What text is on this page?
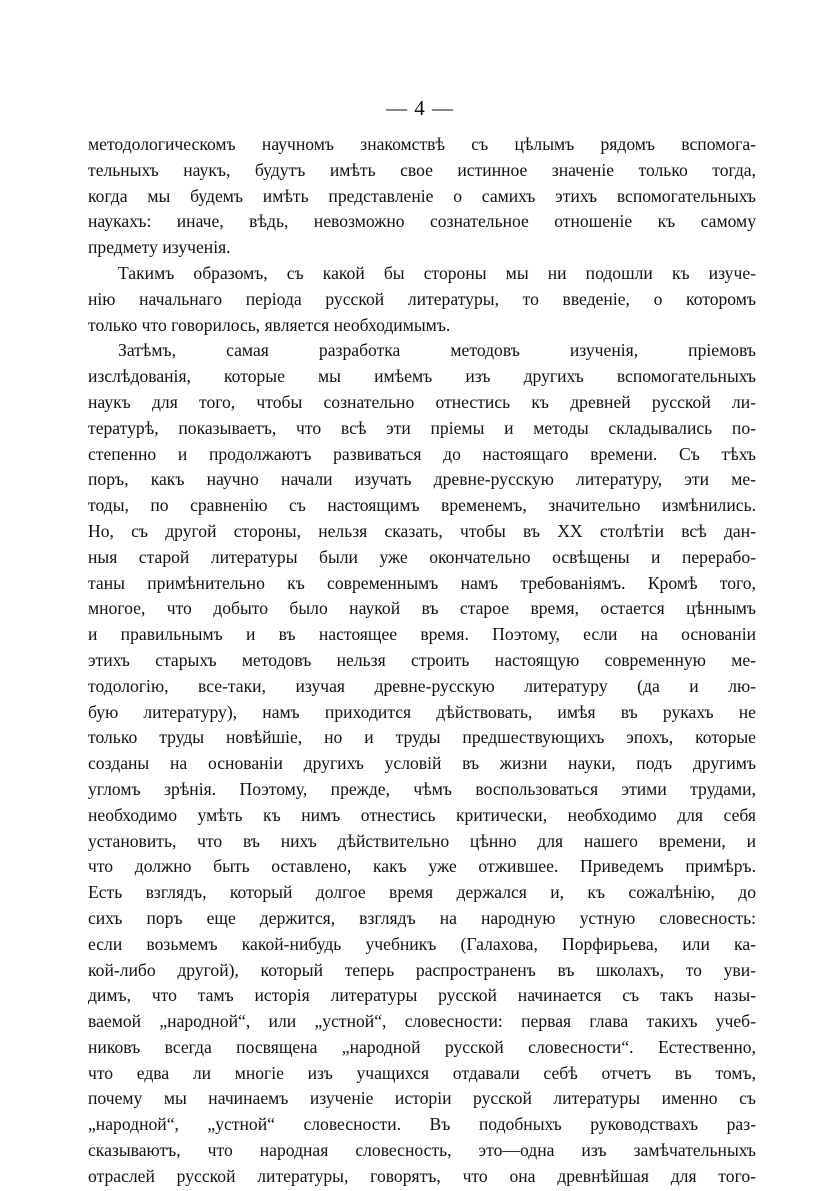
— 4 —
методологическомъ научномъ знакомствѣ съ цѣлымъ рядомъ вспомога-
тельныхъ наукъ, будутъ имѣть свое истинное значеніе только тогда,
когда мы будемъ имѣть представленіе о самихъ этихъ вспомогательныхъ
наукахъ: иначе, вѣдь, невозможно сознательное отношеніе къ самому
предмету изученія.
Такимъ образомъ, съ какой бы стороны мы ни подошли къ изуче-
нію начальнаго періода русской литературы, то введеніе, о которомъ
только что говорилось, является необходимымъ.
Затѣмъ, самая разработка методовъ изученія, пріемовъ
изслѣдованія, которые мы имѣемъ изъ другихъ вспомогательныхъ
наукъ для того, чтобы сознательно отнестись къ древней русской ли-
тературѣ, показываетъ, что всѣ эти пріемы и методы складывались по-
степенно и продолжаютъ развиваться до настоящаго времени. Съ тѣхъ
поръ, какъ научно начали изучать древне-русскую литературу, эти ме-
тоды, по сравненію съ настоящимъ временемъ, значительно измѣнились.
Но, съ другой стороны, нельзя сказать, чтобы въ XX столѣтіи всѣ дан-
ныя старой литературы были уже окончательно освѣщены и перерабо-
таны примѣнительно къ современнымъ намъ требованіямъ. Кромѣ того,
многое, что добыто было наукой въ старое время, остается цѣннымъ
и правильнымъ и въ настоящее время. Поэтому, если на основаніи
этихъ старыхъ методовъ нельзя строить настоящую современную ме-
тодологію, все-таки, изучая древне-русскую литературу (да и лю-
бую литературу), намъ приходится дѣйствовать, имѣя въ рукахъ не
только труды новѣйшіе, но и труды предшествующихъ эпохъ, которые
созданы на основаніи другихъ условій въ жизни науки, подъ другимъ
угломъ зрѣнія. Поэтому, прежде, чѣмъ воспользоваться этими трудами,
необходимо умѣть къ нимъ отнестись критически, необходимо для себя
установить, что въ нихъ дѣйствительно цѣнно для нашего времени, и
что должно быть оставлено, какъ уже отжившее. Приведемъ примѣръ.
Есть взглядъ, который долгое время держался и, къ сожалѣнію, до
сихъ поръ еще держится, взглядъ на народную устную словесность:
если возьмемъ какой-нибудь учебникъ (Галахова, Порфирьева, или ка-
кой-либо другой), который теперь распространенъ въ школахъ, то уви-
димъ, что тамъ исторія литературы русской начинается съ такъ назы-
ваемой „народной“, или „устной“, словесности: первая глава такихъ учеб-
никовъ всегда посвящена „народной русской словесности“. Естественно,
что едва ли многіе изъ учащихся отдавали себѣ отчетъ въ томъ,
почему мы начинаемъ изученіе исторіи русской литературы именно съ
„народной“, „устной“ словесности. Въ подобныхъ руководствахъ раз-
сказываютъ, что народная словесность, это—одна изъ замѣчательныхъ
отраслей русской литературы, говорятъ, что она древнѣйшая для того-
